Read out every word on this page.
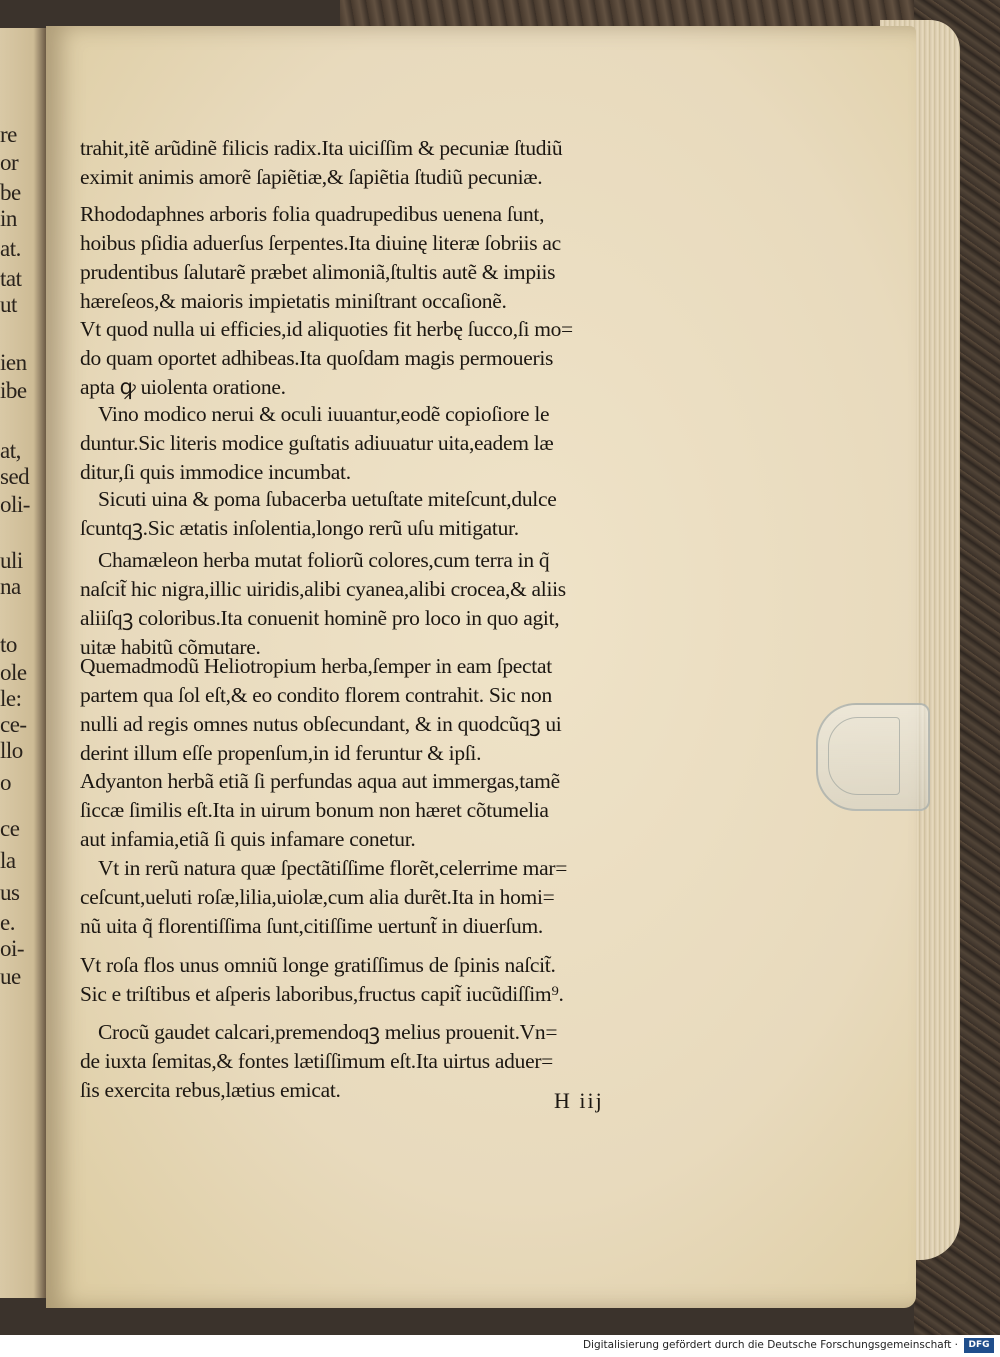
re
or
be
in
at.
tat
ut
ien
ibe
at,
sed
oli-
uli
na
to
ole
le:
ce-
llo
o
ce
la
us
e.
oi-
ue
H iij
trahit,itẽ arũdinẽ filicis radix.Ita uiciſſim & pecuniæ ſtudiũ
eximit animis amorẽ ſapiẽtiæ,& ſapiẽtia ſtudiũ pecuniæ.
Rhododaphnes arboris folia quadrupedibus uenena ſunt,
hoibus pſidia aduerſus ſerpentes.Ita diuinę literæ ſobriis ac
prudentibus ſalutarẽ præbet alimoniã,ſtultis autẽ & impiis
hæreſeos,& maioris impietatis miniſtrant occaſionẽ.
Vt quod nulla ui efficies,id aliquoties fit herbę ſucco,ſi mo=
do quam oportet adhibeas.Ita quoſdam magis permoueris
apta ꝙ uiolenta oratione.
Vino modico nerui & oculi iuuantur,eodẽ copioſiore le
duntur.Sic literis modice guſtatis adiuuatur uita,eadem læ
ditur,ſi quis immodice incumbat.
Sicuti uina & poma ſubacerba uetuſtate miteſcunt,dulce
ſcuntqꝫ.Sic ætatis inſolentia,longo rerũ uſu mitigatur.
Chamæleon herba mutat foliorũ colores,cum terra in q̃
naſcit̃ hic nigra,illic uiridis,alibi cyanea,alibi crocea,& aliis
aliiſqꝫ coloribus.Ita conuenit hominẽ pro loco in quo agit,
uitæ habitũ cõmutare.
Quemadmodũ Heliotropium herba,ſemper in eam ſpectat
partem qua ſol eſt,& eo condito florem contrahit. Sic non
nulli ad regis omnes nutus obſecundant, & in quodcũqꝫ ui
derint illum eſſe propenſum,in id feruntur & ipſi.
Adyanton herbã etiã ſi perfundas aqua aut immergas,tamẽ
ſiccæ ſimilis eſt.Ita in uirum bonum non hæret cõtumelia
aut infamia,etiã ſi quis infamare conetur.
Vt in rerũ natura quæ ſpectãtiſſime florẽt,celerrime mar=
ceſcunt,ueluti roſæ,lilia,uiolæ,cum alia durẽt.Ita in homi=
nũ uita q̃ florentiſſima ſunt,citiſſime uertunt̃ in diuerſum.
Vt roſa flos unus omniũ longe gratiſſimus de ſpinis naſcit̃.
Sic e triſtibus et aſperis laboribus,fructus capit̃ iucũdiſſim⁹.
Crocũ gaudet calcari,premendoqꝫ melius prouenit.Vn=
de iuxta ſemitas,& fontes lætiſſimum eſt.Ita uirtus aduer=
ſis exercita rebus,lætius emicat.
Digitalisierung gefördert durch die Deutsche Forschungsgemeinschaft ·	DFG
